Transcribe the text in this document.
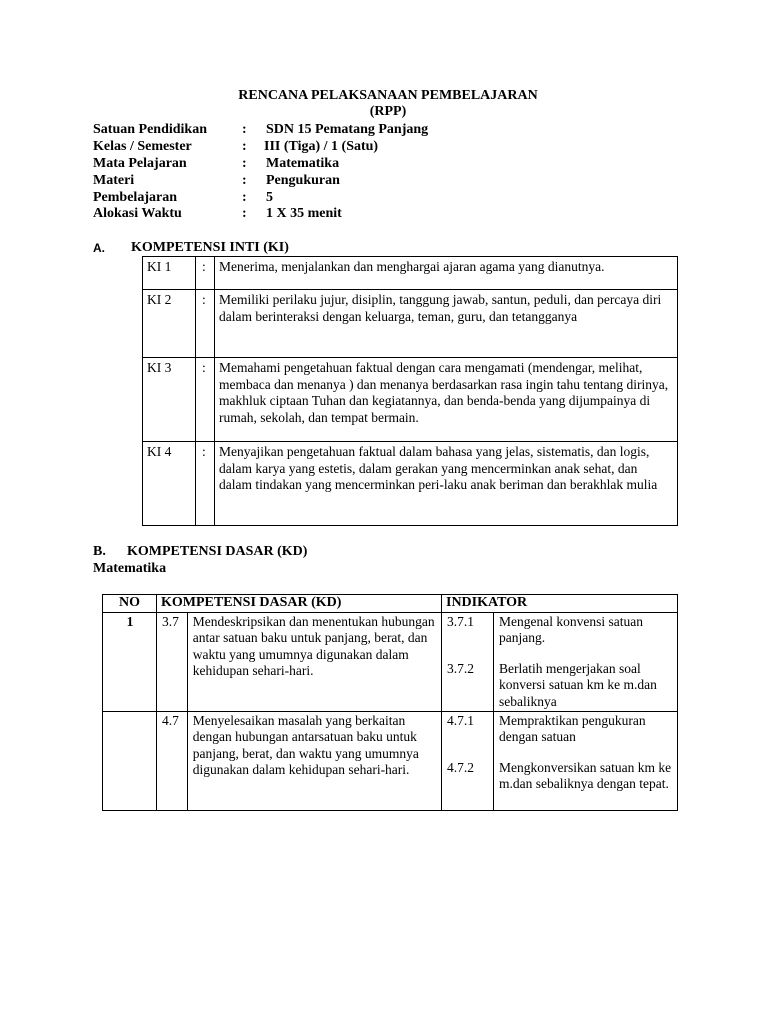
RENCANA PELAKSANAAN PEMBELAJARAN
(RPP)
Satuan Pendidikan	: SDN 15 Pematang Panjang
Kelas / Semester	: III (Tiga) / 1 (Satu)
Mata Pelajaran	: Matematika
Materi	: Pengukuran
Pembelajaran	: 5
Alokasi Waktu	: 1 X 35 menit
A. KOMPETENSI INTI (KI)
KI 1	:	Menerima, menjalankan dan menghargai ajaran agama yang dianutnya.
KI 2	:	Memiliki perilaku jujur, disiplin, tanggung jawab, santun, peduli, dan percaya diri dalam berinteraksi dengan keluarga, teman, guru, dan tetangganya
KI 3	:	Memahami pengetahuan faktual dengan cara mengamati (mendengar, melihat, membaca dan menanya ) dan menanya berdasarkan rasa ingin tahu tentang dirinya, makhluk ciptaan Tuhan dan kegiatannya, dan benda-benda yang dijumpainya di rumah, sekolah, dan tempat bermain.
KI 4	:	Menyajikan pengetahuan faktual dalam bahasa yang jelas, sistematis, dan logis, dalam karya yang estetis, dalam gerakan yang mencerminkan anak sehat, dan dalam tindakan yang mencerminkan peri-laku anak beriman dan berakhlak mulia
B. KOMPETENSI DASAR (KD)
Matematika
NO	KOMPETENSI DASAR (KD)		INDIKATOR	
1	3.7	Mendeskripsikan dan menentukan hubungan antar satuan baku untuk panjang, berat, dan waktu yang umumnya digunakan dalam kehidupan sehari-hari.	3.7.1	Mengenal konvensi satuan panjang.

			3.7.2	Berlatih mengerjakan soal konversi satuan km ke m.dan sebaliknya
	4.7	Menyelesaikan masalah yang berkaitan dengan hubungan antarsatuan baku untuk panjang, berat, dan waktu yang umumnya digunakan dalam kehidupan sehari-hari.	4.7.1	Mempraktikan pengukuran dengan satuan

			4.7.2	Mengkonversikan satuan km ke m.dan sebaliknya dengan tepat.
